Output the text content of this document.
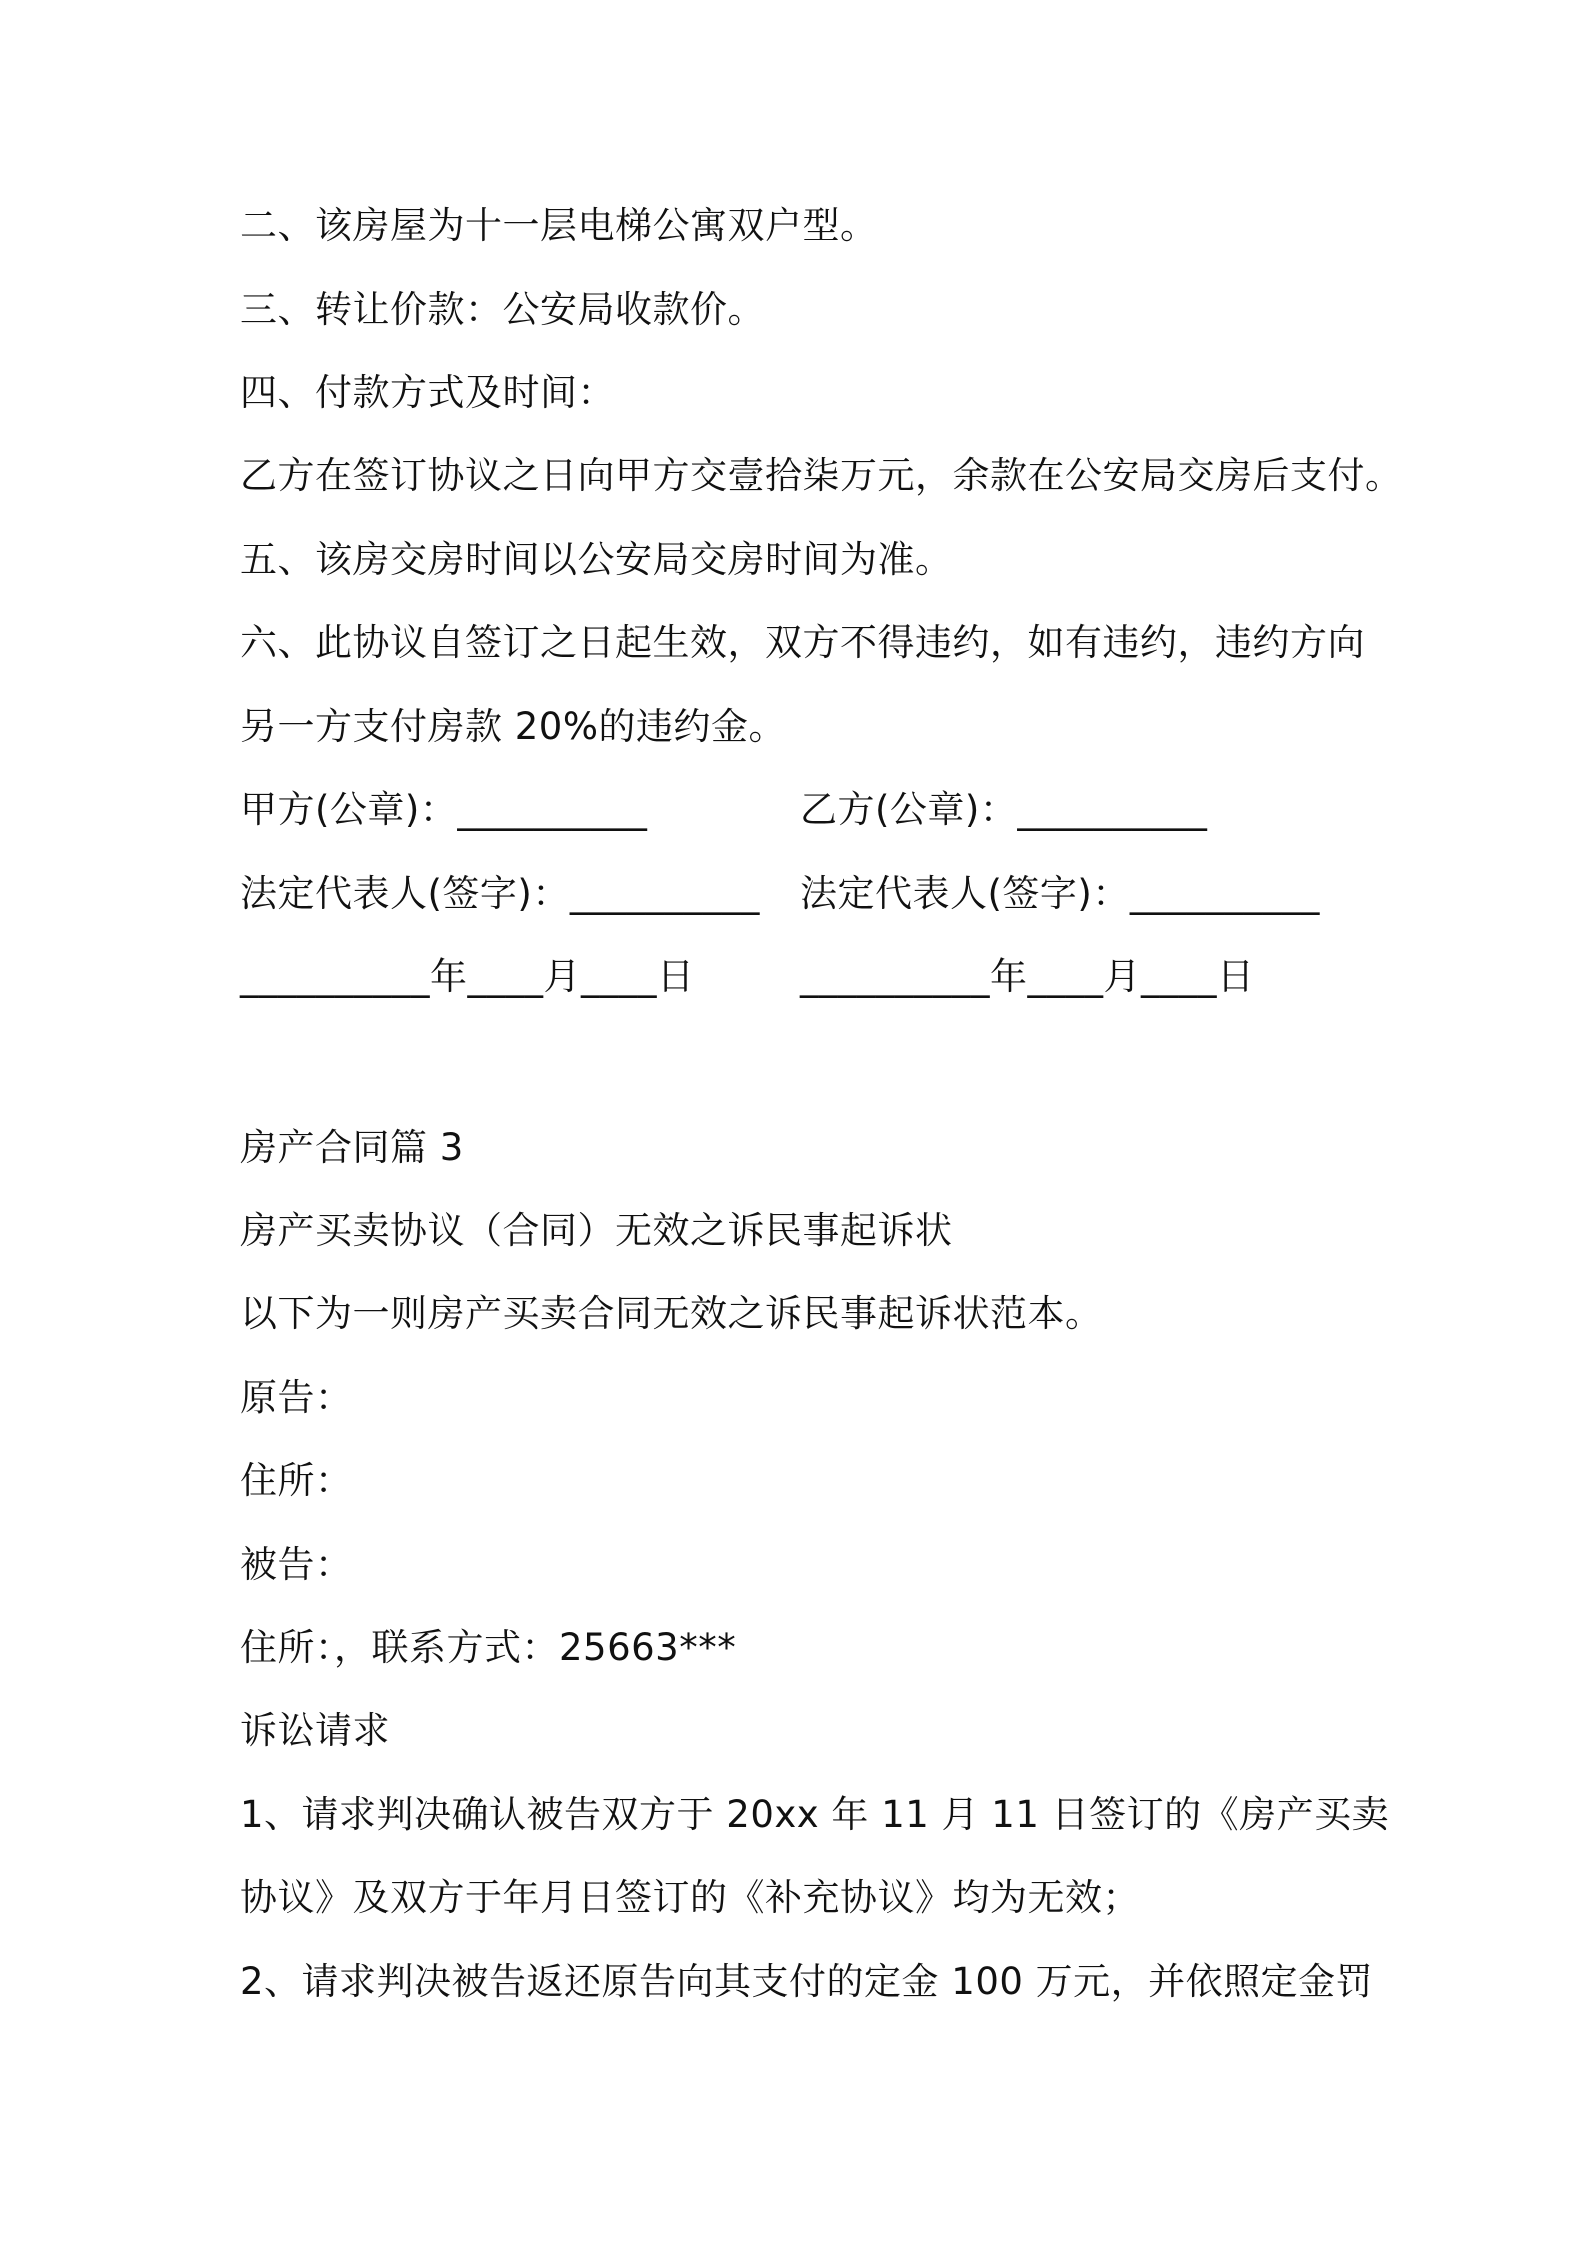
二、该房屋为十一层电梯公寓双户型。
三、转让价款：公安局收款价。
四、付款方式及时间：
乙方在签订协议之日向甲方交壹拾柒万元，余款在公安局交房后支付。
五、该房交房时间以公安局交房时间为准。
六、此协议自签订之日起生效，双方不得违约，如有违约，违约方向
另一方支付房款 20%的违约金。
甲方(公章)：__________	乙方(公章)：__________
法定代表人(签字)：__________ 法定代表人(签字)：__________
__________年____月____日	__________年____月____日
房产合同篇 3
房产买卖协议（合同）无效之诉民事起诉状
以下为一则房产买卖合同无效之诉民事起诉状范本。
原告：
住所：
被告：
住所：，联系方式：25663***
诉讼请求
1、请求判决确认被告双方于 20xx 年 11 月 11 日签订的《房产买卖
协议》及双方于年月日签订的《补充协议》均为无效；
2、请求判决被告返还原告向其支付的定金 100 万元，并依照定金罚
